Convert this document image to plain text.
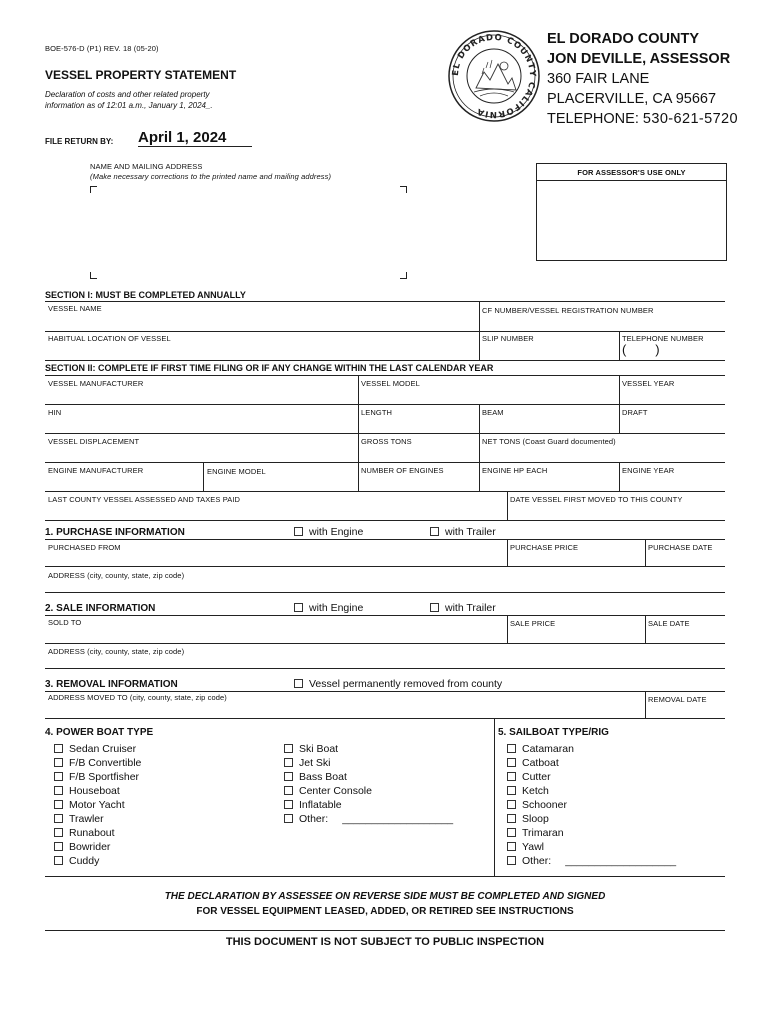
BOE-576-D (P1) REV. 18 (05-20)
VESSEL PROPERTY STATEMENT
Declaration of costs and other related property
information as of 12:01 a.m., January 1, 2024_.
FILE RETURN BY: April 1, 2024
EL DORADO COUNTY CALIFORNIA
EL DORADO COUNTY
JON DEVILLE, ASSESSOR
360 FAIR LANE
PLACERVILLE, CA 95667
TELEPHONE: 530-621-5720
NAME AND MAILING ADDRESS
(Make necessary corrections to the printed name and mailing address)	FOR ASSESSOR'S USE ONLY
SECTION I: MUST BE COMPLETED ANNUALLY
VESSEL NAME	CF NUMBER/VESSEL REGISTRATION NUMBER
HABITUAL LOCATION OF VESSEL	SLIP NUMBER	TELEPHONE NUMBER
(        )
SECTION II: COMPLETE IF FIRST TIME FILING OR IF ANY CHANGE WITHIN THE LAST CALENDAR YEAR
VESSEL MANUFACTURER	VESSEL MODEL	VESSEL YEAR
HIN	LENGTH	BEAM	DRAFT
VESSEL DISPLACEMENT	GROSS TONS	NET TONS (Coast Guard documented)
ENGINE MANUFACTURER	ENGINE MODEL	NUMBER OF ENGINES	ENGINE HP EACH	ENGINE YEAR
LAST COUNTY VESSEL ASSESSED AND TAXES PAID	DATE VESSEL FIRST MOVED TO THIS COUNTY
1. PURCHASE INFORMATION	with Engine	with Trailer
PURCHASED FROM	PURCHASE PRICE	PURCHASE DATE
ADDRESS (city, county, state, zip code)
2. SALE INFORMATION	with Engine	with Trailer
SOLD TO	SALE PRICE	SALE DATE
ADDRESS (city, county, state, zip code)
3. REMOVAL INFORMATION	Vessel permanently removed from county
ADDRESS MOVED TO (city, county, state, zip code)	REMOVAL DATE
4. POWER BOAT TYPE	5. SAILBOAT TYPE/RIG
Sedan Cruiser
F/B Convertible
F/B Sportfisher
Houseboat
Motor Yacht
Trawler
Runabout
Bowrider
Cuddy
Ski Boat
Jet Ski
Bass Boat
Center Console
Inflatable
Other: ___________________
Catamaran
Catboat
Cutter
Ketch
Schooner
Sloop
Trimaran
Yawl
Other: ___________________
THE DECLARATION BY ASSESSEE ON REVERSE SIDE MUST BE COMPLETED AND SIGNED
FOR VESSEL EQUIPMENT LEASED, ADDED, OR RETIRED SEE INSTRUCTIONS
THIS DOCUMENT IS NOT SUBJECT TO PUBLIC INSPECTION
